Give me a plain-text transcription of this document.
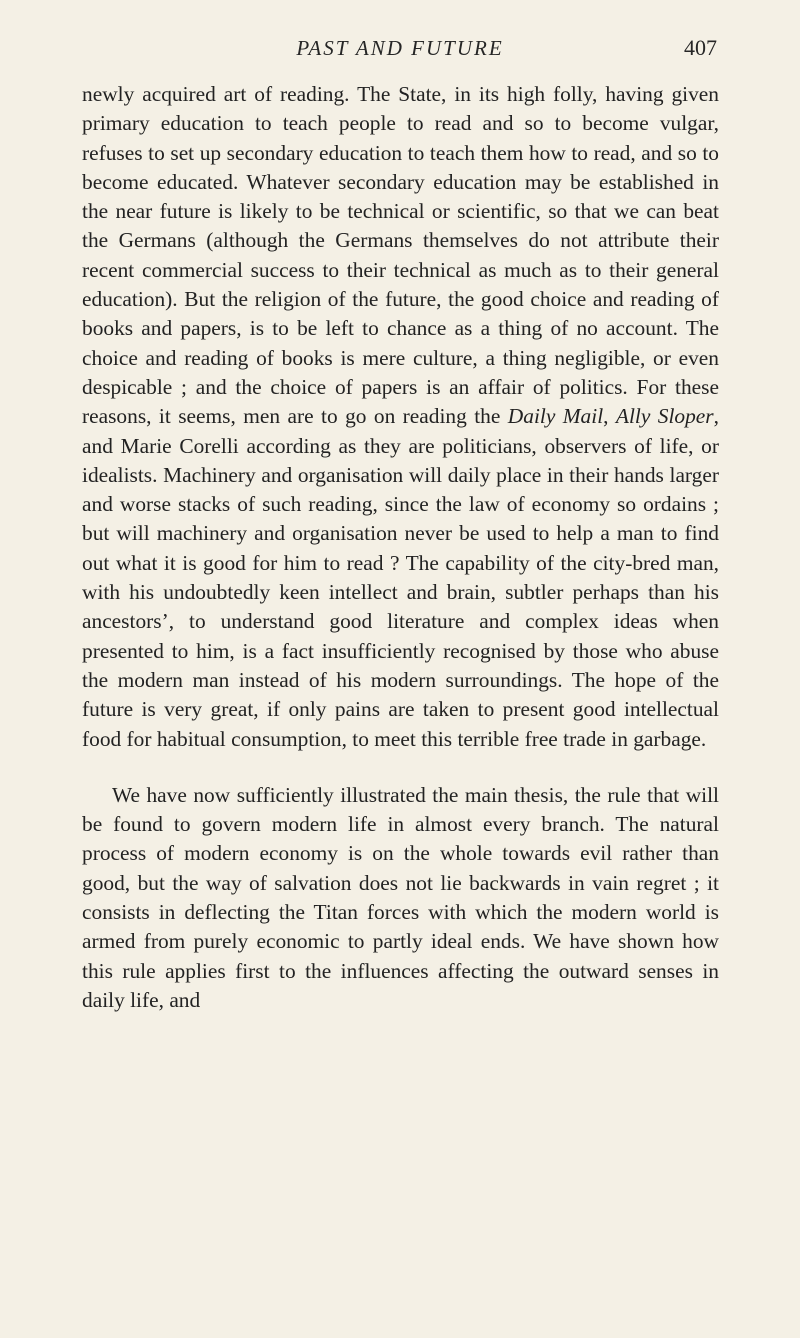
PAST AND FUTURE	407

newly acquired art of reading. The State, in its high folly, having given primary education to teach people to read and so to become vulgar, refuses to set up secondary education to teach them how to read, and so to become educated. Whatever secondary education may be established in the near future is likely to be technical or scientific, so that we can beat the Germans (although the Germans themselves do not attribute their recent commercial success to their technical as much as to their general education). But the religion of the future, the good choice and reading of books and papers, is to be left to chance as a thing of no account. The choice and reading of books is mere culture, a thing negligible, or even despicable ; and the choice of papers is an affair of politics. For these reasons, it seems, men are to go on reading the Daily Mail, Ally Sloper, and Marie Corelli according as they are politicians, observers of life, or idealists. Machinery and organisation will daily place in their hands larger and worse stacks of such reading, since the law of economy so ordains ; but will machinery and organisation never be used to help a man to find out what it is good for him to read ? The capability of the city-bred man, with his undoubtedly keen intellect and brain, subtler perhaps than his ancestors’, to understand good literature and complex ideas when presented to him, is a fact insufficiently recognised by those who abuse the modern man instead of his modern surroundings. The hope of the future is very great, if only pains are taken to present good intellectual food for habitual consumption, to meet this terrible free trade in garbage.

We have now sufficiently illustrated the main thesis, the rule that will be found to govern modern life in almost every branch. The natural process of modern economy is on the whole towards evil rather than good, but the way of salvation does not lie backwards in vain regret ; it consists in deflecting the Titan forces with which the modern world is armed from purely economic to partly ideal ends. We have shown how this rule applies first to the influences affecting the outward senses in daily life, and
